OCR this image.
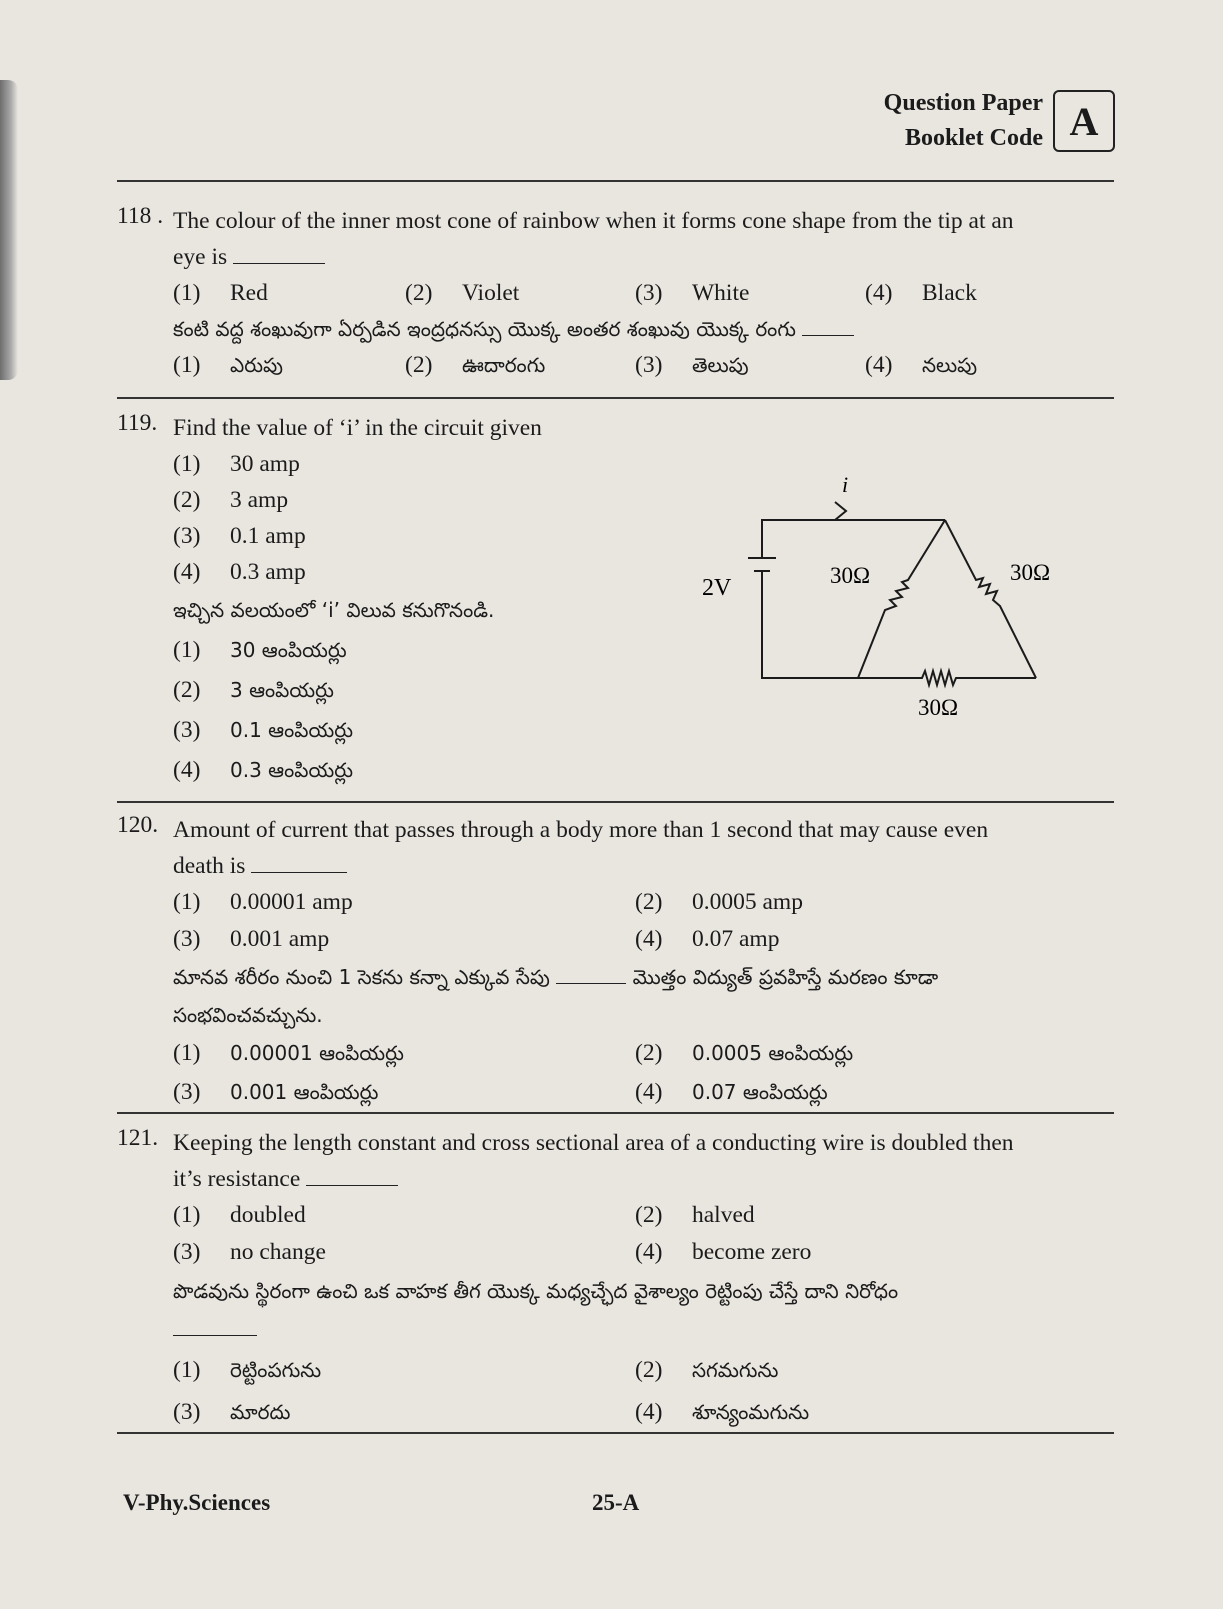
Question Paper
Booklet Code A
118 . The colour of the inner most cone of rainbow when it forms cone shape from the tip at an
eye is
(1) Red	(2) Violet	(3) White	(4) Black
కంటి వద్ద శంఖువుగా ఏర్పడిన ఇంద్రధనస్సు యొక్క అంతర శంఖువు యొక్క రంగు
(1) ఎరుపు	(2) ఊదారంగు	(3) తెలుపు	(4) నలుపు
119. Find the value of ‘i’ in the circuit given
(1) 30 amp
(2) 3 amp
(3) 0.1 amp
(4) 0.3 amp
ఇచ్చిన వలయంలో ‘i’ విలువ కనుగొనండి.
(1) 30 ఆంపియర్లు
(2) 3 ఆంపియర్లు
(3) 0.1 ఆంపియర్లు
(4) 0.3 ఆంపియర్లు
i
2V	30Ω	30Ω
30Ω
120. Amount of current that passes through a body more than 1 second that may cause even
death is
(1) 0.00001 amp	(2) 0.0005 amp
(3) 0.001 amp	(4) 0.07 amp
మానవ శరీరం నుంచి 1 సెకను కన్నా ఎక్కువ సేపు	మొత్తం విద్యుత్ ప్రవహిస్తే మరణం కూడా
సంభవించవచ్చును.
(1) 0.00001 ఆంపియర్లు	(2) 0.0005 ఆంపియర్లు
(3) 0.001 ఆంపియర్లు	(4) 0.07 ఆంపియర్లు
121. Keeping the length constant and cross sectional area of a conducting wire is doubled then
it’s resistance
(1) doubled	(2) halved
(3) no change	(4) become zero
పొడవును స్థిరంగా ఉంచి ఒక వాహక తీగ యొక్క మధ్యచ్ఛేద వైశాల్యం రెట్టింపు చేస్తే దాని నిరోధం
(1) రెట్టింపగును	(2) సగమగును
(3) మారదు	(4) శూన్యంమగును
V-Phy.Sciences	25-A
